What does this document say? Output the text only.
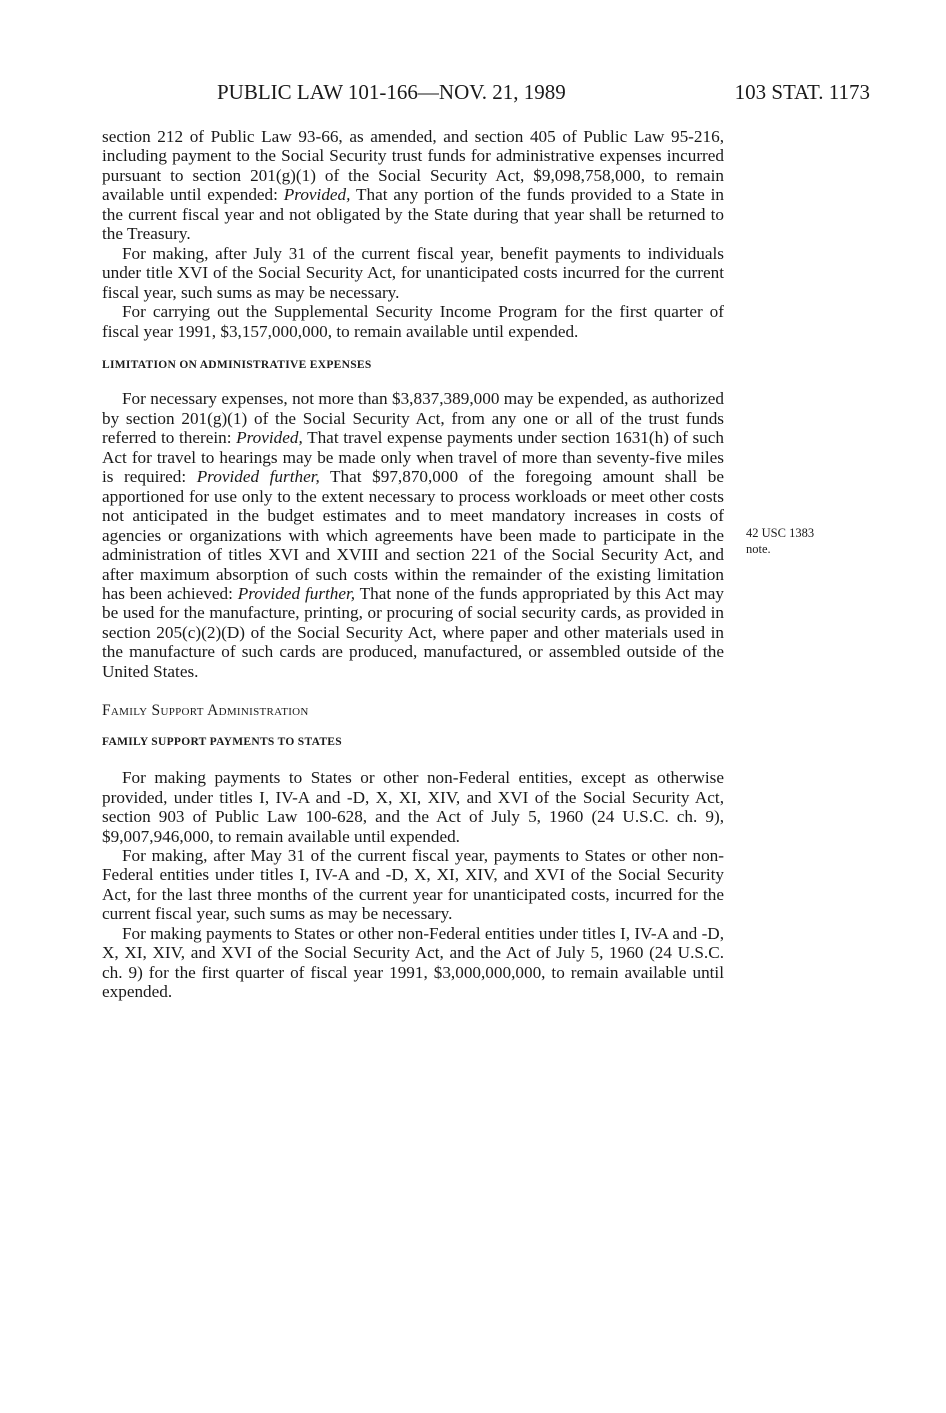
PUBLIC LAW 101-166—NOV. 21, 1989	103 STAT. 1173

section 212 of Public Law 93-66, as amended, and section 405 of Public Law 95-216, including payment to the Social Security trust funds for administrative expenses incurred pursuant to section 201(g)(1) of the Social Security Act, $9,098,758,000, to remain available until expended: Provided, That any portion of the funds provided to a State in the current fiscal year and not obligated by the State during that year shall be returned to the Treasury.

For making, after July 31 of the current fiscal year, benefit payments to individuals under title XVI of the Social Security Act, for unanticipated costs incurred for the current fiscal year, such sums as may be necessary.

For carrying out the Supplemental Security Income Program for the first quarter of fiscal year 1991, $3,157,000,000, to remain available until expended.

LIMITATION ON ADMINISTRATIVE EXPENSES

For necessary expenses, not more than $3,837,389,000 may be expended, as authorized by section 201(g)(1) of the Social Security Act, from any one or all of the trust funds referred to therein: Provided, That travel expense payments under section 1631(h) of such Act for travel to hearings may be made only when travel of more than seventy-five miles is required: Provided further, That $97,870,000 of the foregoing amount shall be apportioned for use only to the extent necessary to process workloads or meet other costs not anticipated in the budget estimates and to meet mandatory increases in costs of agencies or organizations with which agreements have been made to participate in the administration of titles XVI and XVIII and section 221 of the Social Security Act, and after maximum absorption of such costs within the remainder of the existing limitation has been achieved: Provided further, That none of the funds appropriated by this Act may be used for the manufacture, printing, or procuring of social security cards, as provided in section 205(c)(2)(D) of the Social Security Act, where paper and other materials used in the manufacture of such cards are produced, manufactured, or assembled outside of the United States.

Family Support Administration

FAMILY SUPPORT PAYMENTS TO STATES

For making payments to States or other non-Federal entities, except as otherwise provided, under titles I, IV-A and -D, X, XI, XIV, and XVI of the Social Security Act, section 903 of Public Law 100-628, and the Act of July 5, 1960 (24 U.S.C. ch. 9), $9,007,946,000, to remain available until expended.

For making, after May 31 of the current fiscal year, payments to States or other non-Federal entities under titles I, IV-A and -D, X, XI, XIV, and XVI of the Social Security Act, for the last three months of the current year for unanticipated costs, incurred for the current fiscal year, such sums as may be necessary.

For making payments to States or other non-Federal entities under titles I, IV-A and -D, X, XI, XIV, and XVI of the Social Security Act, and the Act of July 5, 1960 (24 U.S.C. ch. 9) for the first quarter of fiscal year 1991, $3,000,000,000, to remain available until expended.

42 USC 1383
note.
